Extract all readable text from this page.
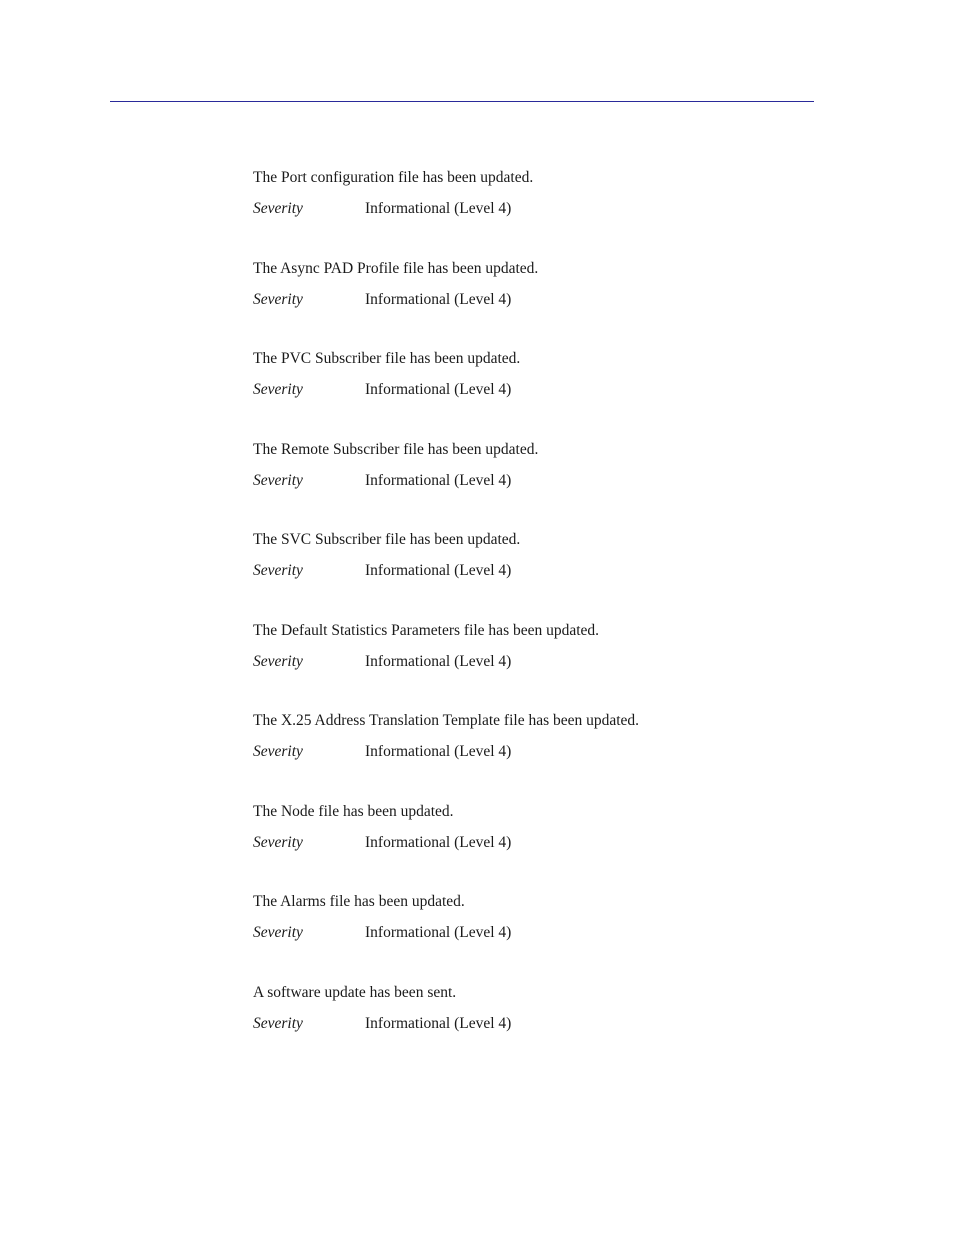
The Port configuration file has been updated.
Severity	Informational (Level 4)
The Async PAD Profile file has been updated.
Severity	Informational (Level 4)
The PVC Subscriber file has been updated.
Severity	Informational (Level 4)
The Remote Subscriber file has been updated.
Severity	Informational (Level 4)
The SVC Subscriber file has been updated.
Severity	Informational (Level 4)
The Default Statistics Parameters file has been updated.
Severity	Informational (Level 4)
The X.25 Address Translation Template file has been updated.
Severity	Informational (Level 4)
The Node file has been updated.
Severity	Informational (Level 4)
The Alarms file has been updated.
Severity	Informational (Level 4)
A software update has been sent.
Severity	Informational (Level 4)
